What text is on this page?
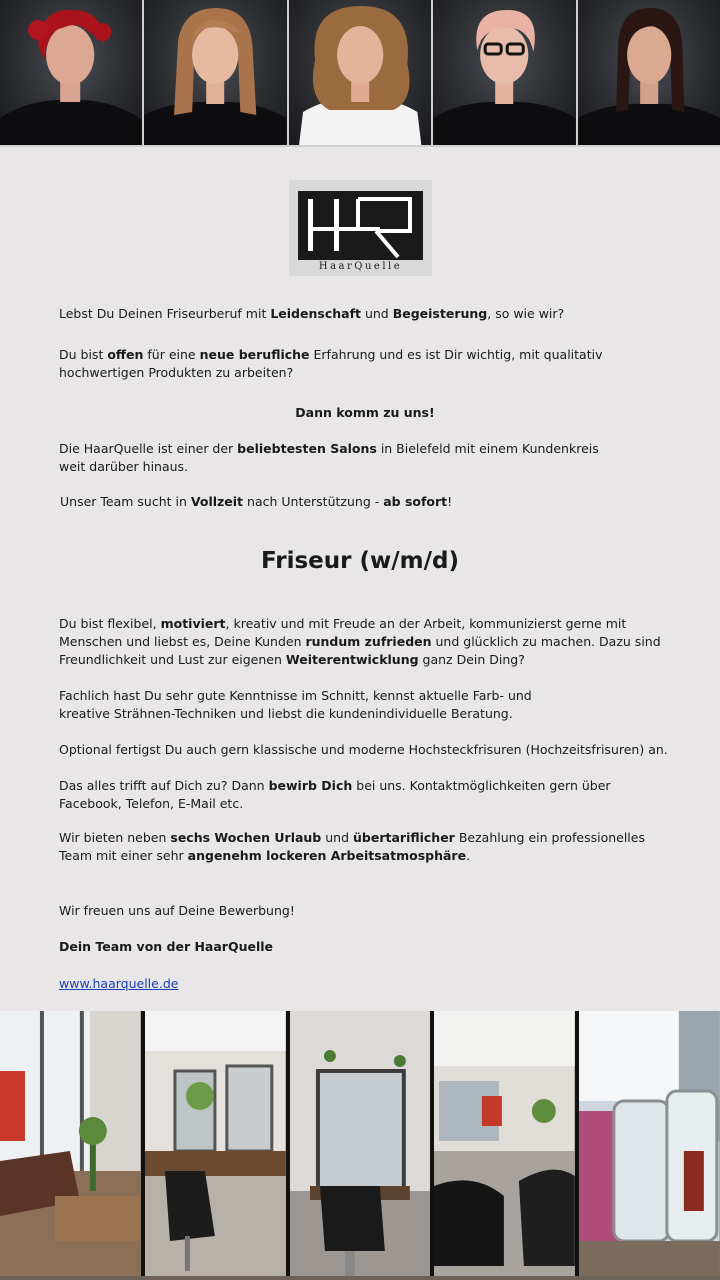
HaarQuelle

Lebst Du Deinen Friseurberuf mit Leidenschaft und Begeisterung, so wie wir?

Du bist offen für eine neue berufliche Erfahrung und es ist Dir wichtig, mit qualitativ hochwertigen Produkten zu arbeiten?

Dann komm zu uns!

Die HaarQuelle ist einer der beliebtesten Salons in Bielefeld mit einem Kundenkreis weit darüber hinaus.

Unser Team sucht in Vollzeit nach Unterstützung - ab sofort!

Friseur (w/m/d)

Du bist flexibel, motiviert, kreativ und mit Freude an der Arbeit, kommunizierst gerne mit Menschen und liebst es, Deine Kunden rundum zufrieden und glücklich zu machen. Dazu sind Freundlichkeit und Lust zur eigenen Weiterentwicklung ganz Dein Ding?

Fachlich hast Du sehr gute Kenntnisse im Schnitt, kennst aktuelle Farb- und kreative Strähnen-Techniken und liebst die kundenindividuelle Beratung.

Optional fertigst Du auch gern klassische und moderne Hochsteckfrisuren (Hochzeitsfrisuren) an.

Das alles trifft auf Dich zu? Dann bewirb Dich bei uns. Kontaktmöglichkeiten gern über Facebook, Telefon, E-Mail etc.

Wir bieten neben sechs Wochen Urlaub und übertariflicher Bezahlung ein professionelles Team mit einer sehr angenehm lockeren Arbeitsatmosphäre.

Wir freuen uns auf Deine Bewerbung!

Dein Team von der HaarQuelle

www.haarquelle.de
